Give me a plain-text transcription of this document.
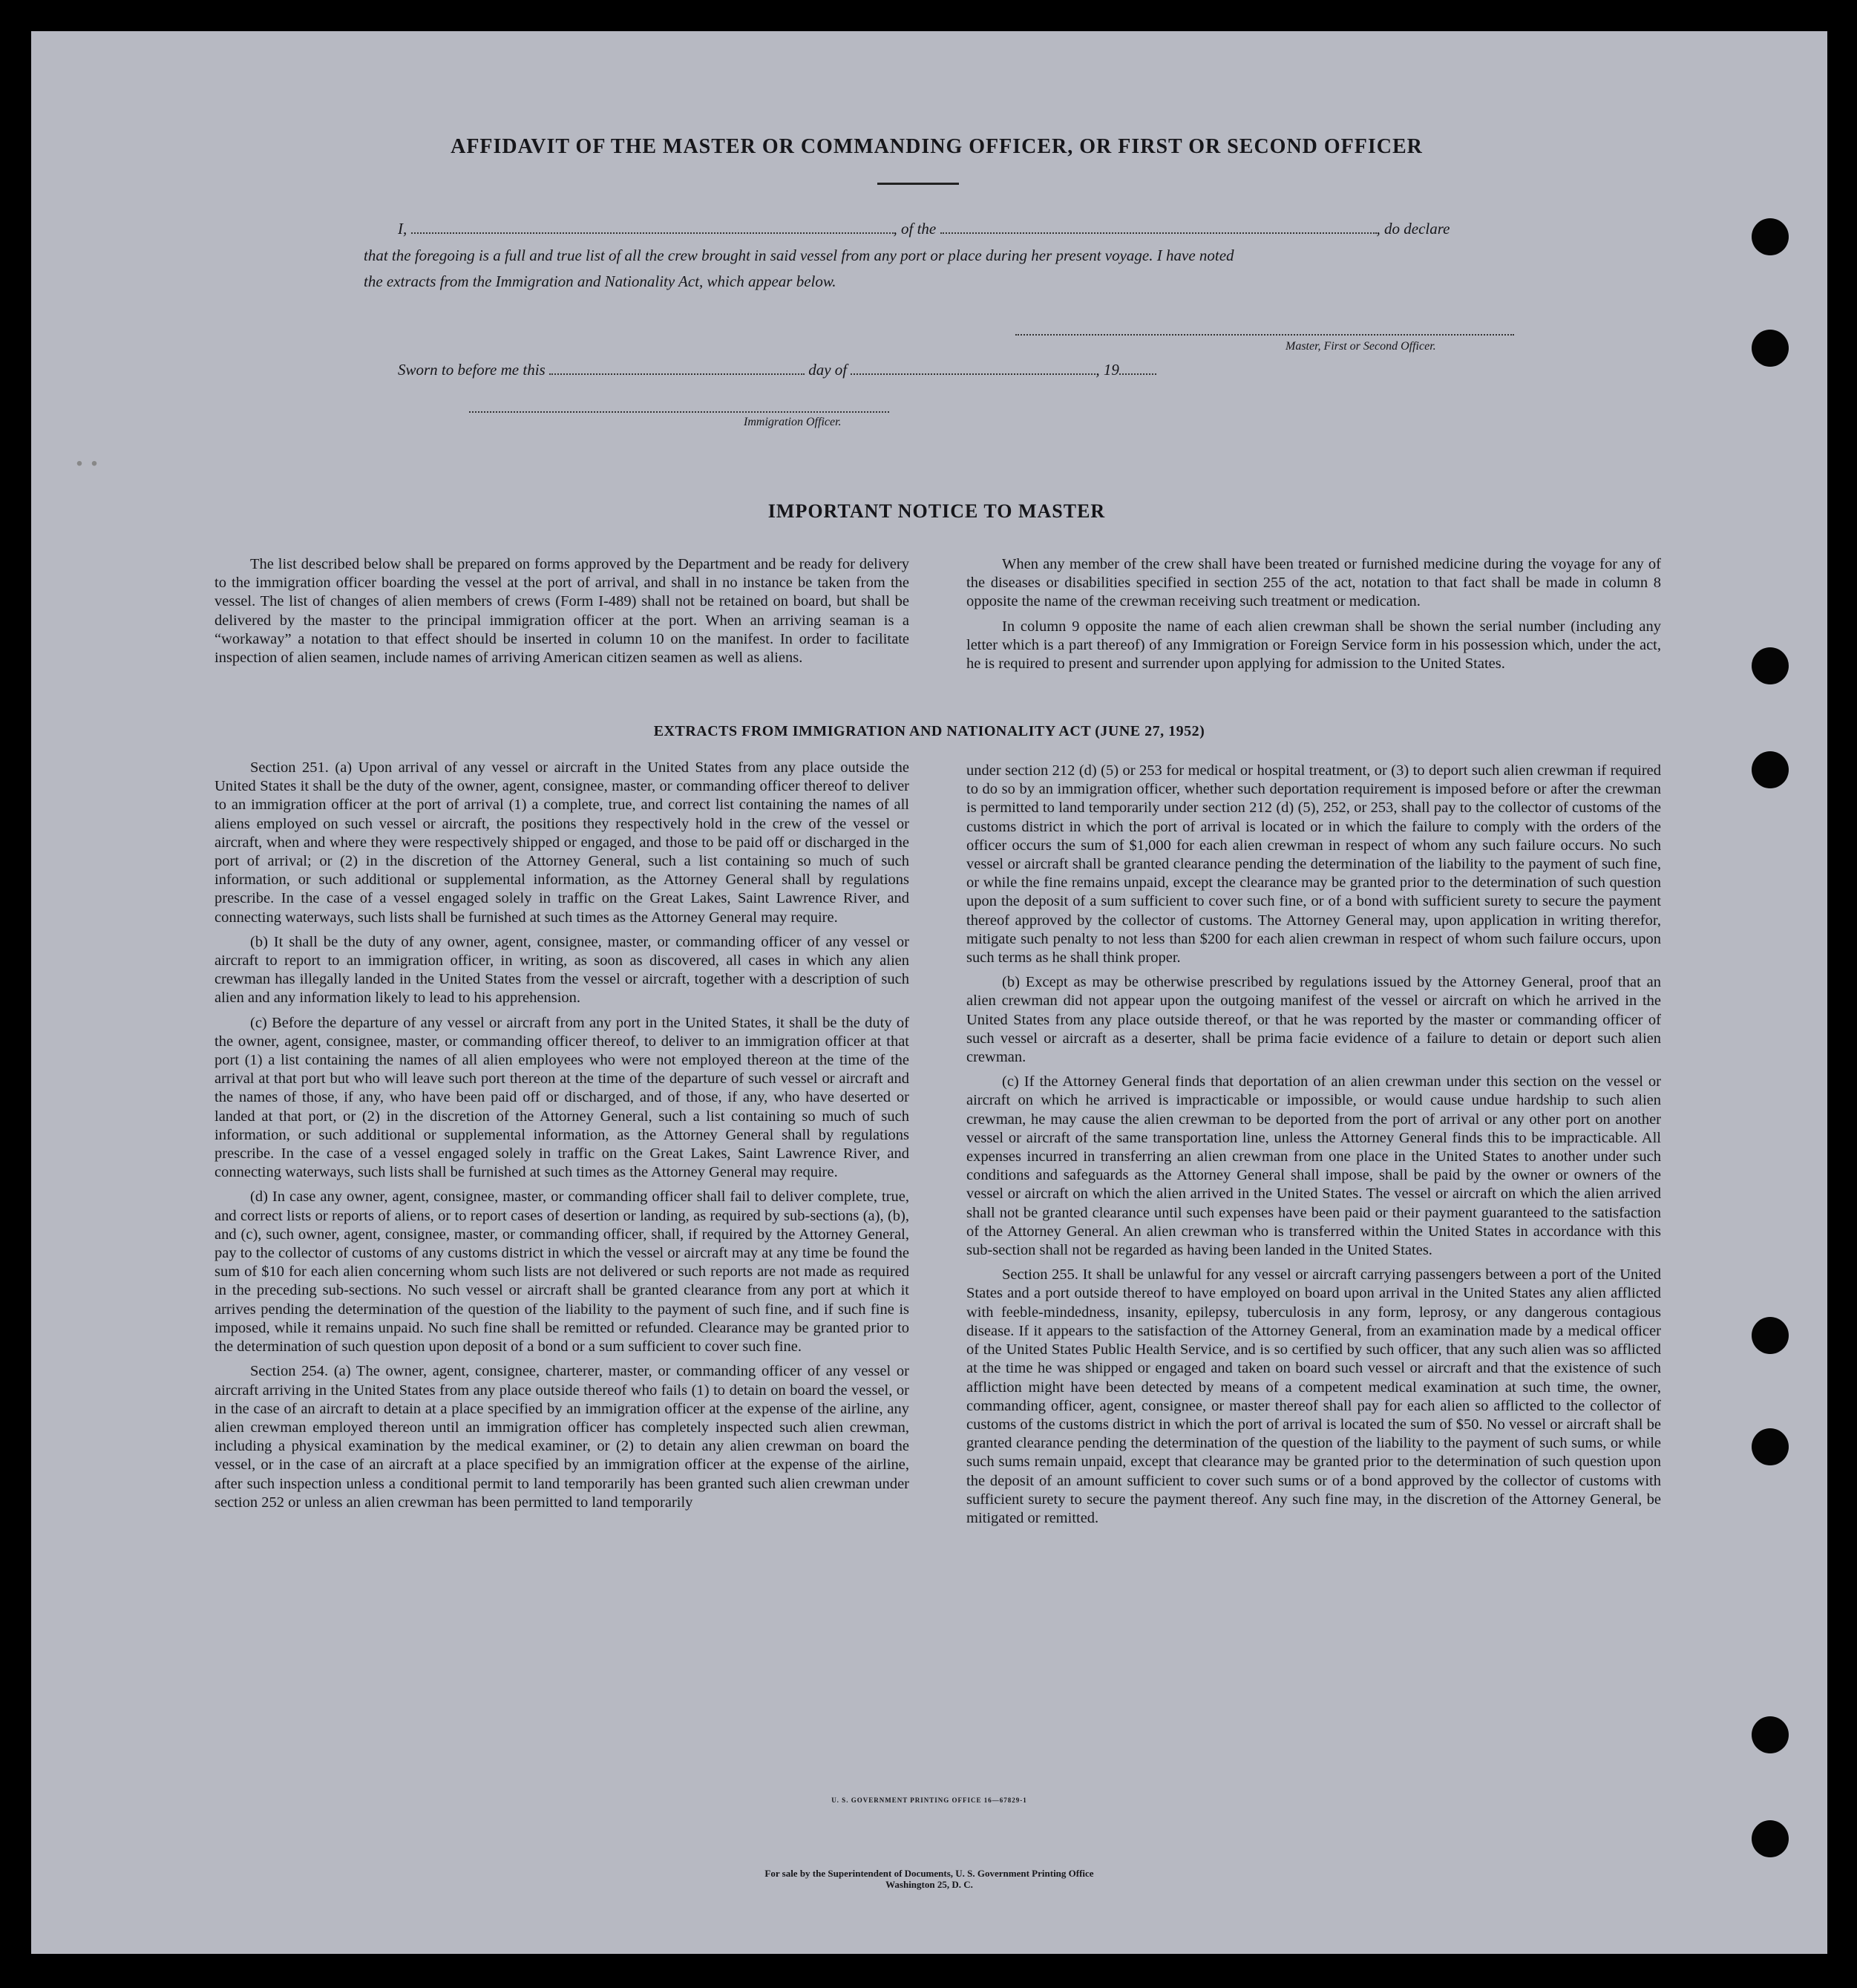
. .
AFFIDAVIT OF THE MASTER OR COMMANDING OFFICER, OR FIRST OR SECOND OFFICER
I,	, of the	, do declare
that the foregoing is a full and true list of all the crew brought in said vessel from any port or place during her present voyage. I have noted
the extracts from the Immigration and Nationality Act, which appear below.
Master, First or Second Officer.
Sworn to before me this	day of	, 19
Immigration Officer.
IMPORTANT NOTICE TO MASTER

The list described below shall be prepared on forms approved by the Department and be ready for delivery to the immigration officer boarding the vessel at the port of arrival, and shall in no instance be taken from the vessel. The list of changes of alien members of crews (Form I-489) shall not be retained on board, but shall be delivered by the master to the principal immigration officer at the port. When an arriving seaman is a “workaway” a notation to that effect should be inserted in column 10 on the manifest. In order to facilitate inspection of alien seamen, include names of arriving American citizen seamen as well as aliens.

When any member of the crew shall have been treated or furnished medicine during the voyage for any of the diseases or disabilities specified in section 255 of the act, notation to that fact shall be made in column 8 opposite the name of the crewman receiving such treatment or medication.

In column 9 opposite the name of each alien crewman shall be shown the serial number (including any letter which is a part thereof) of any Immigration or Foreign Service form in his possession which, under the act, he is required to present and surrender upon applying for admission to the United States.

EXTRACTS FROM IMMIGRATION AND NATIONALITY ACT (JUNE 27, 1952)

Section 251. (a) Upon arrival of any vessel or aircraft in the United States from any place outside the United States it shall be the duty of the owner, agent, consignee, master, or commanding officer thereof to deliver to an immigration officer at the port of arrival (1) a complete, true, and correct list containing the names of all aliens employed on such vessel or aircraft, the positions they respectively hold in the crew of the vessel or aircraft, when and where they were respectively shipped or engaged, and those to be paid off or discharged in the port of arrival; or (2) in the discretion of the Attorney General, such a list containing so much of such information, or such additional or supplemental information, as the Attorney General shall by regulations prescribe. In the case of a vessel engaged solely in traffic on the Great Lakes, Saint Lawrence River, and connecting waterways, such lists shall be furnished at such times as the Attorney General may require.

(b) It shall be the duty of any owner, agent, consignee, master, or commanding officer of any vessel or aircraft to report to an immigration officer, in writing, as soon as discovered, all cases in which any alien crewman has illegally landed in the United States from the vessel or aircraft, together with a description of such alien and any information likely to lead to his apprehension.

(c) Before the departure of any vessel or aircraft from any port in the United States, it shall be the duty of the owner, agent, consignee, master, or commanding officer thereof, to deliver to an immigration officer at that port (1) a list containing the names of all alien employees who were not employed thereon at the time of the arrival at that port but who will leave such port thereon at the time of the departure of such vessel or aircraft and the names of those, if any, who have been paid off or discharged, and of those, if any, who have deserted or landed at that port, or (2) in the discretion of the Attorney General, such a list containing so much of such information, or such additional or supplemental information, as the Attorney General shall by regulations prescribe. In the case of a vessel engaged solely in traffic on the Great Lakes, Saint Lawrence River, and connecting waterways, such lists shall be furnished at such times as the Attorney General may require.

(d) In case any owner, agent, consignee, master, or commanding officer shall fail to deliver complete, true, and correct lists or reports of aliens, or to report cases of desertion or landing, as required by sub-sections (a), (b), and (c), such owner, agent, consignee, master, or commanding officer, shall, if required by the Attorney General, pay to the collector of customs of any customs district in which the vessel or aircraft may at any time be found the sum of $10 for each alien concerning whom such lists are not delivered or such reports are not made as required in the preceding sub-sections. No such vessel or aircraft shall be granted clearance from any port at which it arrives pending the determination of the question of the liability to the payment of such fine, and if such fine is imposed, while it remains unpaid. No such fine shall be remitted or refunded. Clearance may be granted prior to the determination of such question upon deposit of a bond or a sum sufficient to cover such fine.

Section 254. (a) The owner, agent, consignee, charterer, master, or commanding officer of any vessel or aircraft arriving in the United States from any place outside thereof who fails (1) to detain on board the vessel, or in the case of an aircraft to detain at a place specified by an immigration officer at the expense of the airline, any alien crewman employed thereon until an immigration officer has completely inspected such alien crewman, including a physical examination by the medical examiner, or (2) to detain any alien crewman on board the vessel, or in the case of an aircraft at a place specified by an immigration officer at the expense of the airline, after such inspection unless a conditional permit to land temporarily has been granted such alien crewman under section 252 or unless an alien crewman has been permitted to land temporarily

under section 212 (d) (5) or 253 for medical or hospital treatment, or (3) to deport such alien crewman if required to do so by an immigration officer, whether such deportation requirement is imposed before or after the crewman is permitted to land temporarily under section 212 (d) (5), 252, or 253, shall pay to the collector of customs of the customs district in which the port of arrival is located or in which the failure to comply with the orders of the officer occurs the sum of $1,000 for each alien crewman in respect of whom any such failure occurs. No such vessel or aircraft shall be granted clearance pending the determination of the liability to the payment of such fine, or while the fine remains unpaid, except the clearance may be granted prior to the determination of such question upon the deposit of a sum sufficient to cover such fine, or of a bond with sufficient surety to secure the payment thereof approved by the collector of customs. The Attorney General may, upon application in writing therefor, mitigate such penalty to not less than $200 for each alien crewman in respect of whom such failure occurs, upon such terms as he shall think proper.

(b) Except as may be otherwise prescribed by regulations issued by the Attorney General, proof that an alien crewman did not appear upon the outgoing manifest of the vessel or aircraft on which he arrived in the United States from any place outside thereof, or that he was reported by the master or commanding officer of such vessel or aircraft as a deserter, shall be prima facie evidence of a failure to detain or deport such alien crewman.

(c) If the Attorney General finds that deportation of an alien crewman under this section on the vessel or aircraft on which he arrived is impracticable or impossible, or would cause undue hardship to such alien crewman, he may cause the alien crewman to be deported from the port of arrival or any other port on another vessel or aircraft of the same transportation line, unless the Attorney General finds this to be impracticable. All expenses incurred in transferring an alien crewman from one place in the United States to another under such conditions and safeguards as the Attorney General shall impose, shall be paid by the owner or owners of the vessel or aircraft on which the alien arrived in the United States. The vessel or aircraft on which the alien arrived shall not be granted clearance until such expenses have been paid or their payment guaranteed to the satisfaction of the Attorney General. An alien crewman who is transferred within the United States in accordance with this sub-section shall not be regarded as having been landed in the United States.

Section 255. It shall be unlawful for any vessel or aircraft carrying passengers between a port of the United States and a port outside thereof to have employed on board upon arrival in the United States any alien afflicted with feeble-mindedness, insanity, epilepsy, tuberculosis in any form, leprosy, or any dangerous contagious disease. If it appears to the satisfaction of the Attorney General, from an examination made by a medical officer of the United States Public Health Service, and is so certified by such officer, that any such alien was so afflicted at the time he was shipped or engaged and taken on board such vessel or aircraft and that the existence of such affliction might have been detected by means of a competent medical examination at such time, the owner, commanding officer, agent, consignee, or master thereof shall pay for each alien so afflicted to the collector of customs of the customs district in which the port of arrival is located the sum of $50. No vessel or aircraft shall be granted clearance pending the determination of the question of the liability to the payment of such sums, or while such sums remain unpaid, except that clearance may be granted prior to the determination of such question upon the deposit of an amount sufficient to cover such sums or of a bond approved by the collector of customs with sufficient surety to secure the payment thereof. Any such fine may, in the discretion of the Attorney General, be mitigated or remitted.

U. S. GOVERNMENT PRINTING OFFICE 16—67829-1
For sale by the Superintendent of Documents, U. S. Government Printing Office
Washington 25, D. C.
